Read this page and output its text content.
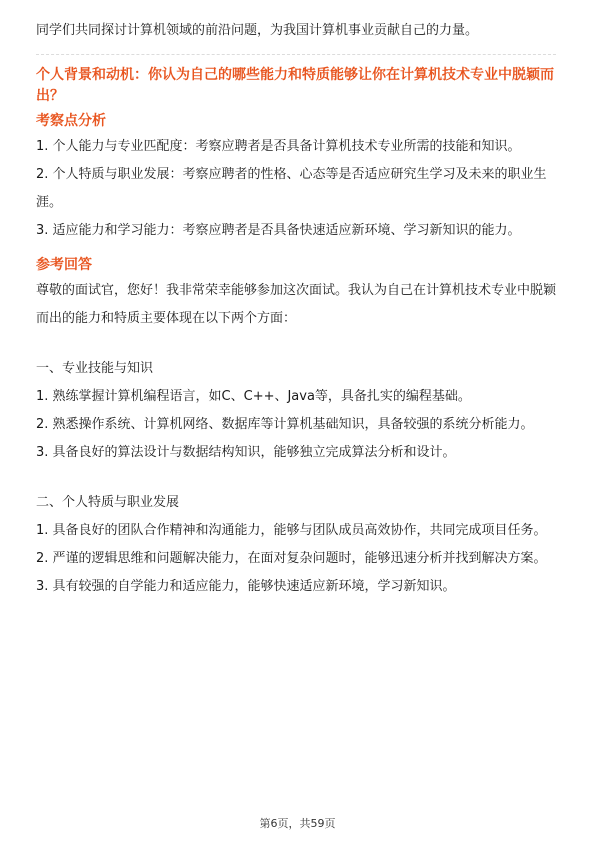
同学们共同探讨计算机领域的前沿问题，为我国计算机事业贡献自己的力量。

个人背景和动机：你认为自己的哪些能力和特质能够让你在计算机技术专业中脱颖而出？

考察点分析

1. 个人能力与专业匹配度：考察应聘者是否具备计算机技术专业所需的技能和知识。

2. 个人特质与职业发展：考察应聘者的性格、心态等是否适应研究生学习及未来的职业生涯。

3. 适应能力和学习能力：考察应聘者是否具备快速适应新环境、学习新知识的能力。

参考回答

尊敬的面试官，您好！我非常荣幸能够参加这次面试。我认为自己在计算机技术专业中脱颖而出的能力和特质主要体现在以下两个方面：

一、专业技能与知识

1. 熟练掌握计算机编程语言，如C、C++、Java等，具备扎实的编程基础。

2. 熟悉操作系统、计算机网络、数据库等计算机基础知识，具备较强的系统分析能力。

3. 具备良好的算法设计与数据结构知识，能够独立完成算法分析和设计。

二、个人特质与职业发展

1. 具备良好的团队合作精神和沟通能力，能够与团队成员高效协作，共同完成项目任务。

2. 严谨的逻辑思维和问题解决能力，在面对复杂问题时，能够迅速分析并找到解决方案。

3. 具有较强的自学能力和适应能力，能够快速适应新环境，学习新知识。

第6页，共59页
